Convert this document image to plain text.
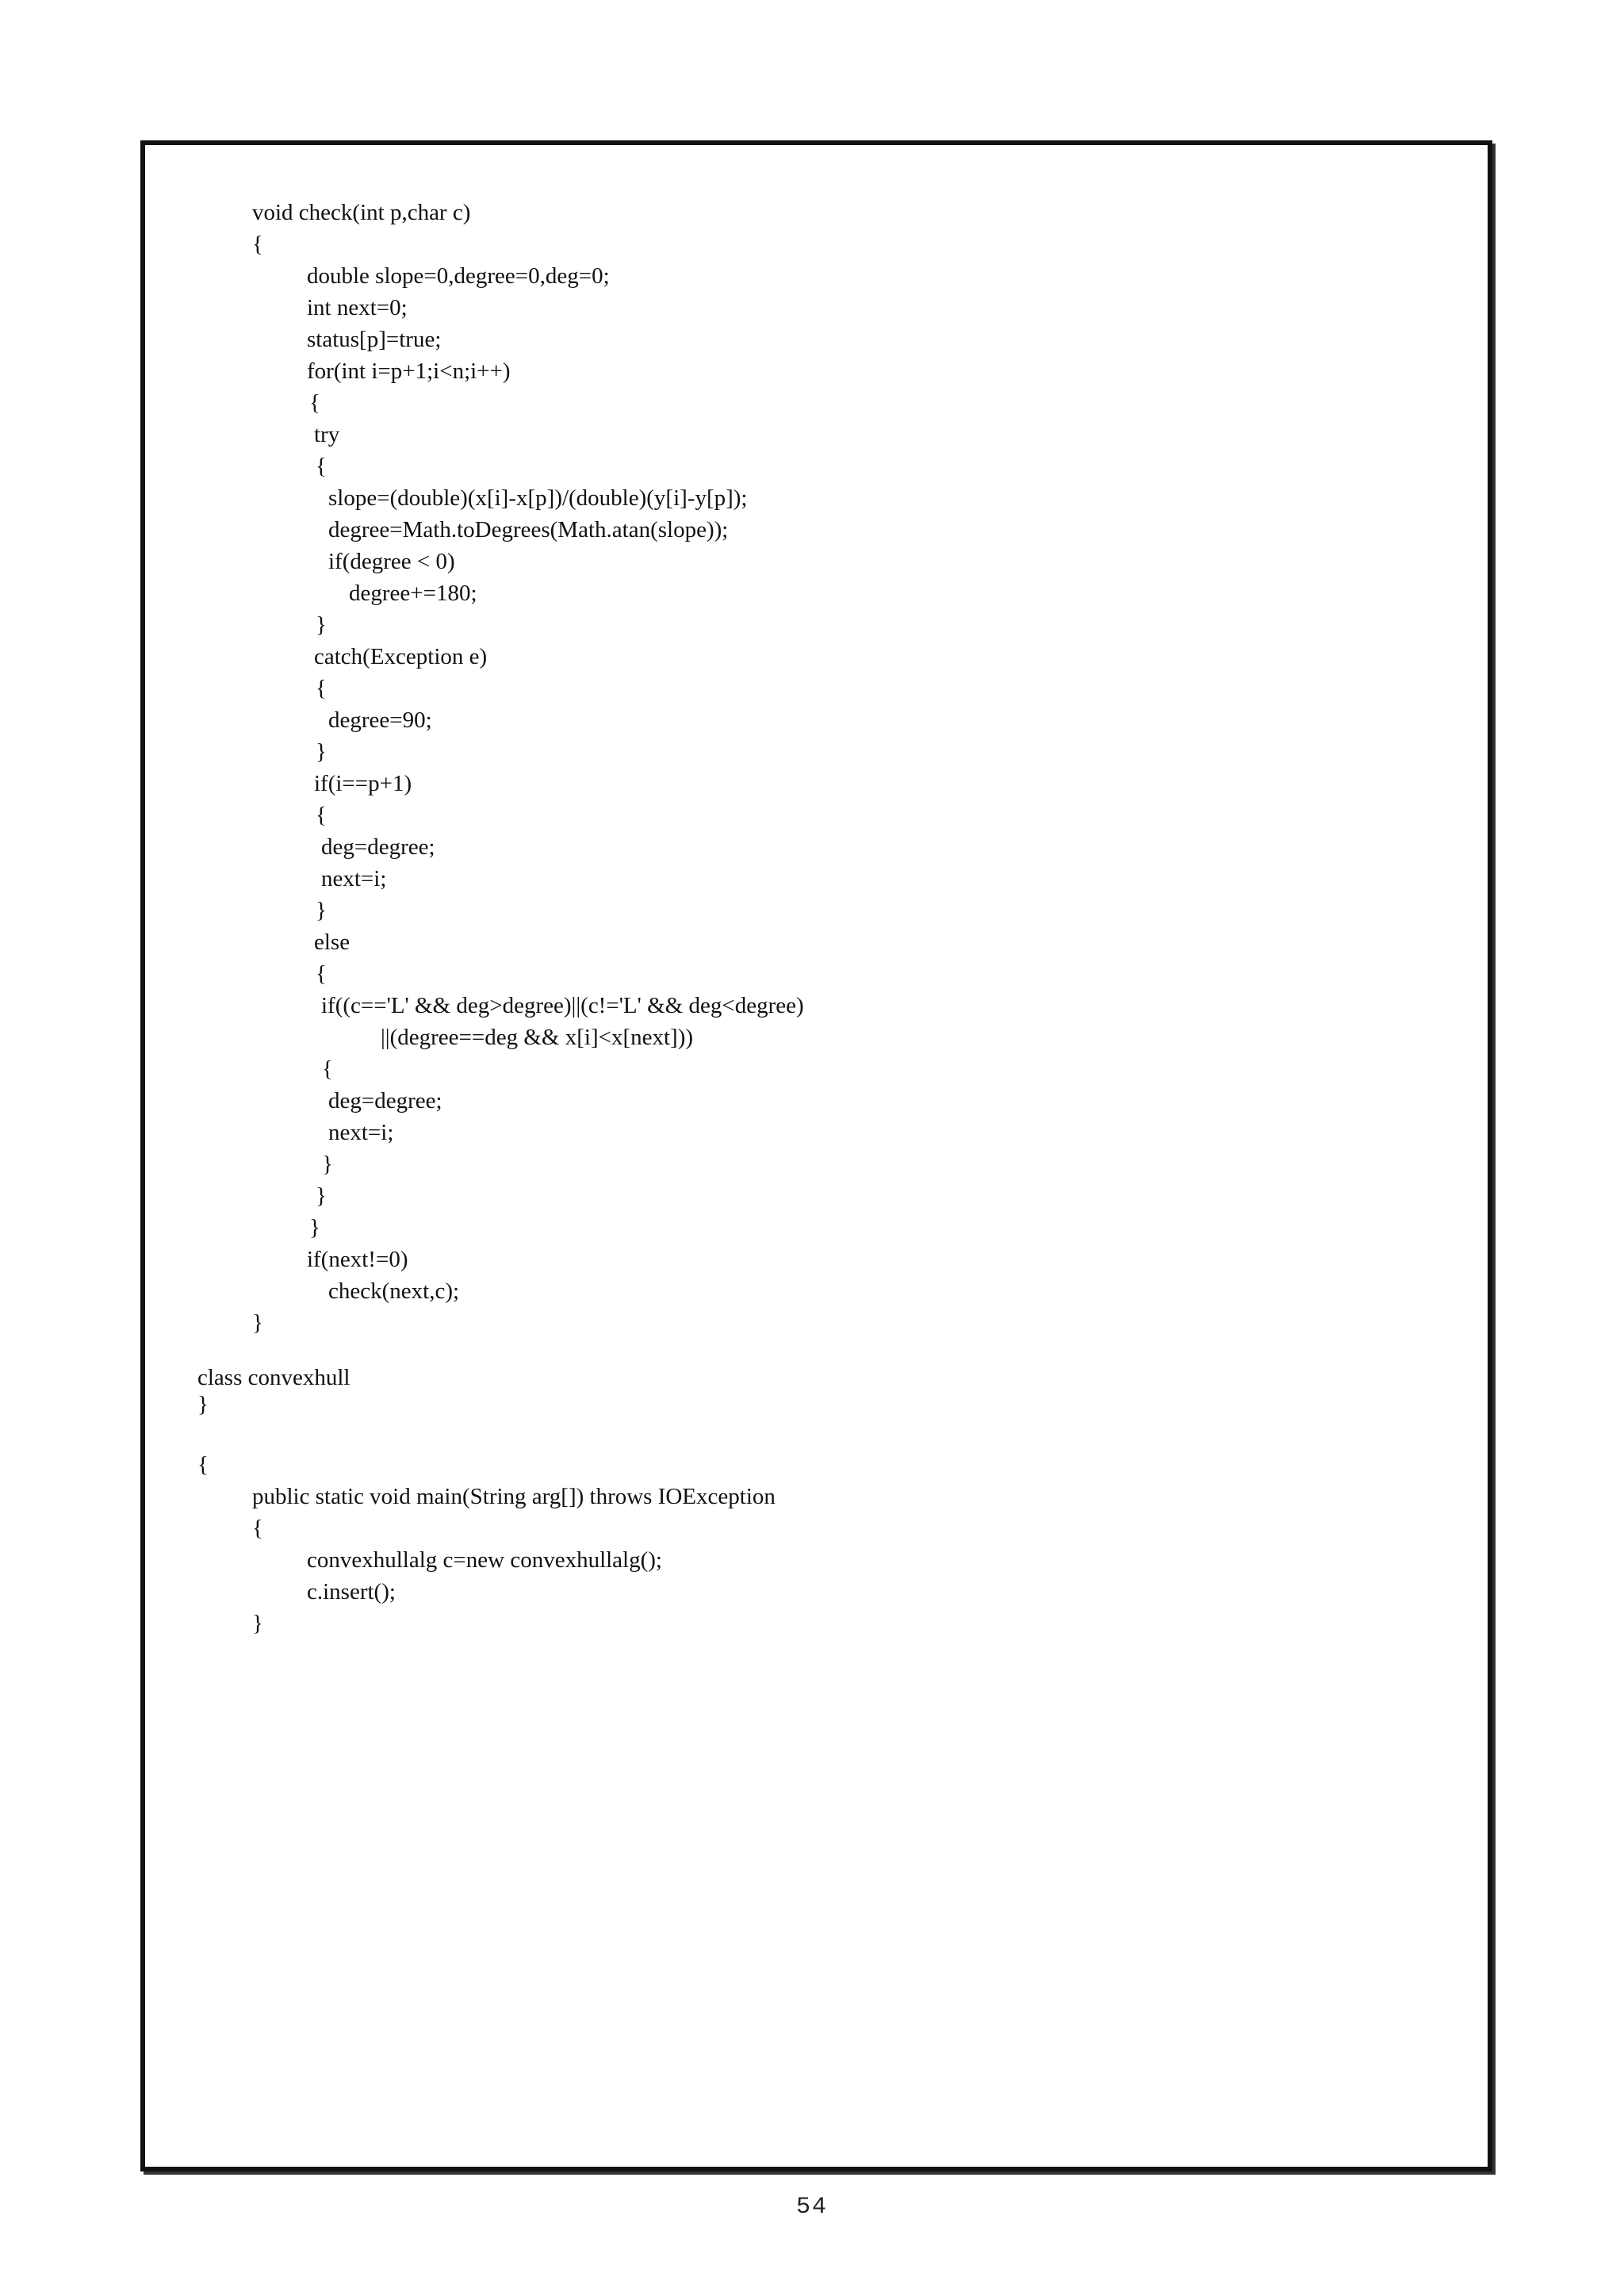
void check(int p,char c)
{
double slope=0,degree=0,deg=0;
int next=0;
status[p]=true;
for(int i=p+1;i<n;i++)
{
try
{
slope=(double)(x[i]-x[p])/(double)(y[i]-y[p]);
degree=Math.toDegrees(Math.atan(slope));
if(degree < 0)
degree+=180;
}
catch(Exception e)
{
degree=90;
}
if(i==p+1)
{
deg=degree;
next=i;
}
else
{
if((c=='L' && deg>degree)||(c!='L' && deg<degree)
||(degree==deg && x[i]<x[next]))
{
deg=degree;
next=i;
}
}
}
if(next!=0)
check(next,c);
}
class convexhull
}
{
public static void main(String arg[]) throws IOException
{
convexhullalg c=new convexhullalg();
c.insert();
}
54
